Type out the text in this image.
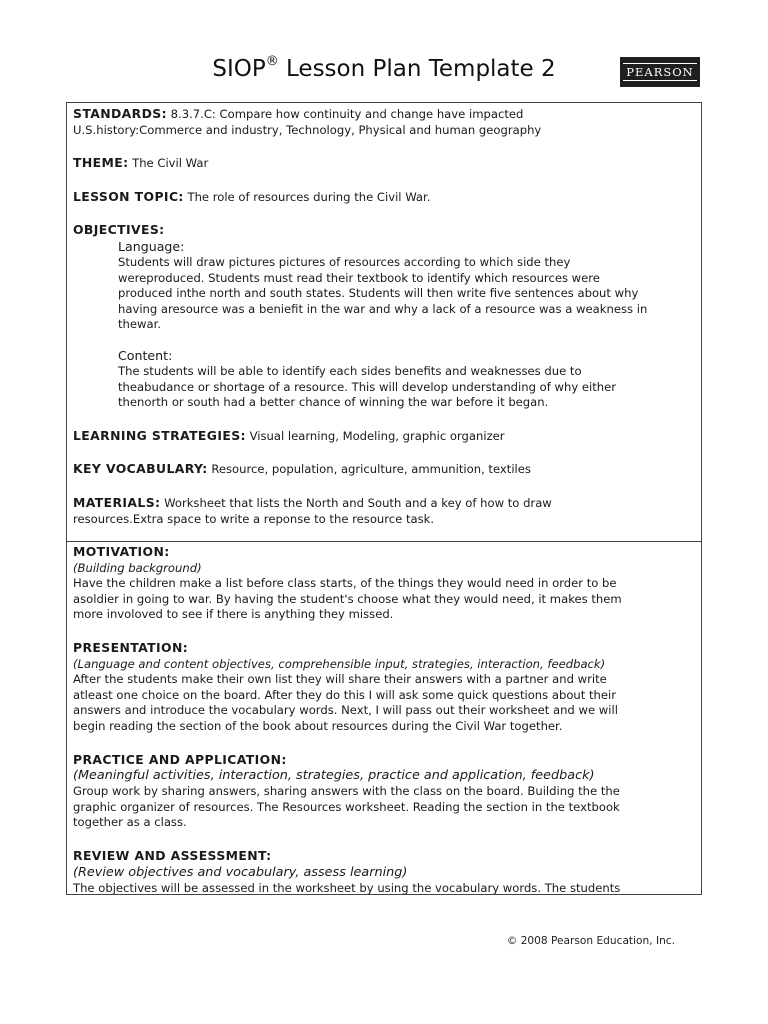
SIOP® Lesson Plan Template 2	PEARSON
STANDARDS: 8.3.7.C: Compare how continuity and change have impacted
U.S.history:Commerce and industry, Technology, Physical and human geography
THEME: The Civil War
LESSON TOPIC: The role of resources during the Civil War.
OBJECTIVES:
Language:
Students will draw pictures pictures of resources according to which side they
wereproduced. Students must read their textbook to identify which resources were
produced inthe north and south states. Students will then write five sentences about why
having aresource was a beniefit in the war and why a lack of a resource was a weakness in
thewar.
Content:
The students will be able to identify each sides benefits and weaknesses due to
theabudance or shortage of a resource. This will develop understanding of why either
thenorth or south had a better chance of winning the war before it began.
LEARNING STRATEGIES: Visual learning, Modeling, graphic organizer
KEY VOCABULARY: Resource, population, agriculture, ammunition, textiles
MATERIALS: Worksheet that lists the North and South and a key of how to draw
resources.Extra space to write a reponse to the resource task.
MOTIVATION:
(Building background)
Have the children make a list before class starts, of the things they would need in order to be
asoldier in going to war. By having the student's choose what they would need, it makes them
more involoved to see if there is anything they missed.
PRESENTATION:
(Language and content objectives, comprehensible input, strategies, interaction, feedback)
After the students make their own list they will share their answers with a partner and write
atleast one choice on the board. After they do this I will ask some quick questions about their
answers and introduce the vocabulary words. Next, I will pass out their worksheet and we will
begin reading the section of the book about resources during the Civil War together.
PRACTICE AND APPLICATION:
(Meaningful activities, interaction, strategies, practice and application, feedback)
Group work by sharing answers, sharing answers with the class on the board. Building the the
graphic organizer of resources. The Resources worksheet. Reading the section in the textbook
together as a class.
REVIEW AND ASSESSMENT:
(Review objectives and vocabulary, assess learning)
The objectives will be assessed in the worksheet by using the vocabulary words. The students
© 2008 Pearson Education, Inc.
